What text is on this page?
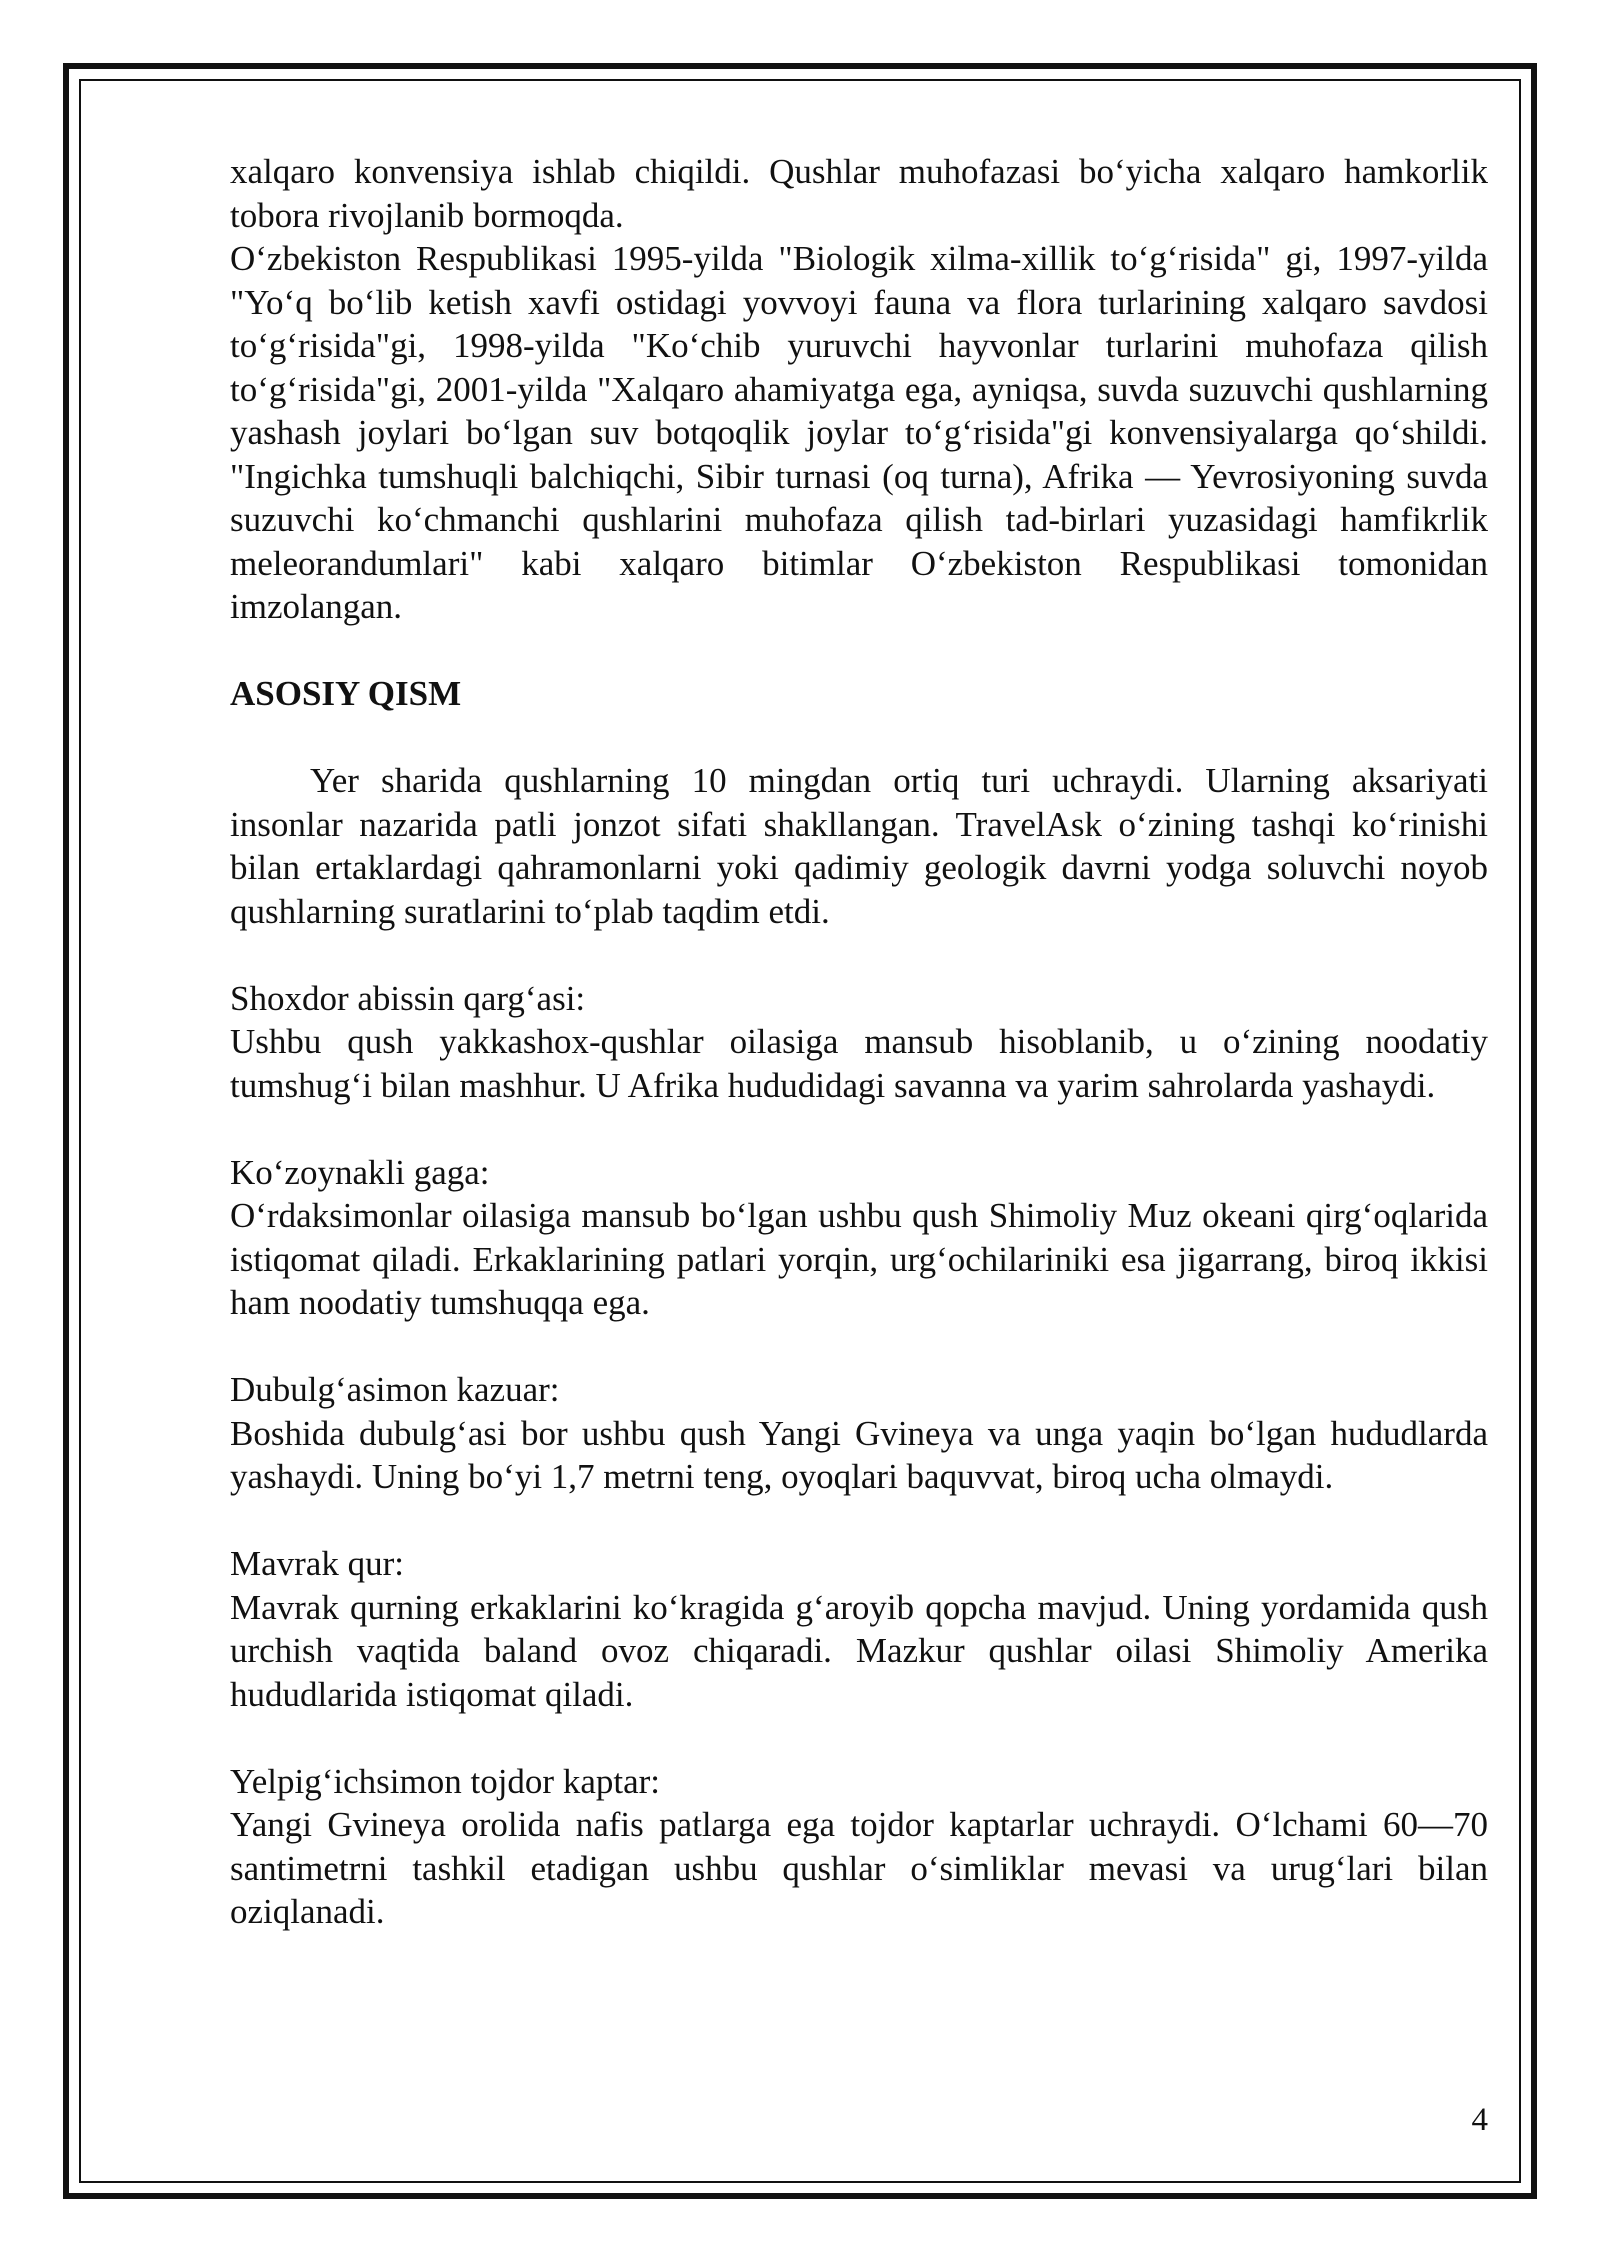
xalqaro konvensiya ishlab chiqildi. Qushlar muhofazasi bo‘yicha xalqaro hamkorlik tobora rivojlanib bormoqda.

O‘zbekiston Respublikasi 1995-yilda "Biologik xilma-xillik to‘g‘risida" gi, 1997-yilda "Yo‘q bo‘lib ketish xavfi ostidagi yovvoyi fauna va flora turlarining xalqaro savdosi to‘g‘risida"gi, 1998-yilda "Ko‘chib yuruvchi hayvonlar turlarini muhofaza qilish to‘g‘risida"gi, 2001-yilda "Xalqaro ahamiyatga ega, ayniqsa, suvda suzuvchi qushlarning yashash joylari bo‘lgan suv botqoqlik joylar to‘g‘risida"gi konvensiyalarga qo‘shildi. "Ingichka tumshuqli balchiqchi, Sibir turnasi (oq turna), Afrika — Yevrosiyoning suvda suzuvchi ko‘chmanchi qushlarini muhofaza qilish tad-birlari yuzasidagi hamfikrlik meleorandumlari" kabi xalqaro bitimlar O‘zbekiston Respublikasi tomonidan imzolangan.

ASOSIY QISM

Yer sharida qushlarning 10 mingdan ortiq turi uchraydi. Ularning aksariyati insonlar nazarida patli jonzot sifati shakllangan. TravelAsk o‘zining tashqi ko‘rinishi bilan ertaklardagi qahramonlarni yoki qadimiy geologik davrni yodga soluvchi noyob qushlarning suratlarini to‘plab taqdim etdi.

Shoxdor abissin qarg‘asi:

Ushbu qush yakkashox-qushlar oilasiga mansub hisoblanib, u o‘zining noodatiy tumshug‘i bilan mashhur. U Afrika hududidagi savanna va yarim sahrolarda yashaydi.

Ko‘zoynakli gaga:

O‘rdaksimonlar oilasiga mansub bo‘lgan ushbu qush Shimoliy Muz okeani qirg‘oqlarida istiqomat qiladi. Erkaklarining patlari yorqin, urg‘ochilariniki esa jigarrang, biroq ikkisi ham noodatiy tumshuqqa ega.

Dubulg‘asimon kazuar:

Boshida dubulg‘asi bor ushbu qush Yangi Gvineya va unga yaqin bo‘lgan hududlarda yashaydi. Uning bo‘yi 1,7 metrni teng, oyoqlari baquvvat, biroq ucha olmaydi.

Mavrak qur:

Mavrak qurning erkaklarini ko‘kragida g‘aroyib qopcha mavjud. Uning yordamida qush urchish vaqtida baland ovoz chiqaradi. Mazkur qushlar oilasi Shimoliy Amerika hududlarida istiqomat qiladi.

Yelpig‘ichsimon tojdor kaptar:

Yangi Gvineya orolida nafis patlarga ega tojdor kaptarlar uchraydi. O‘lchami 60—70 santimetrni tashkil etadigan ushbu qushlar o‘simliklar mevasi va urug‘lari bilan oziqlanadi.

4
